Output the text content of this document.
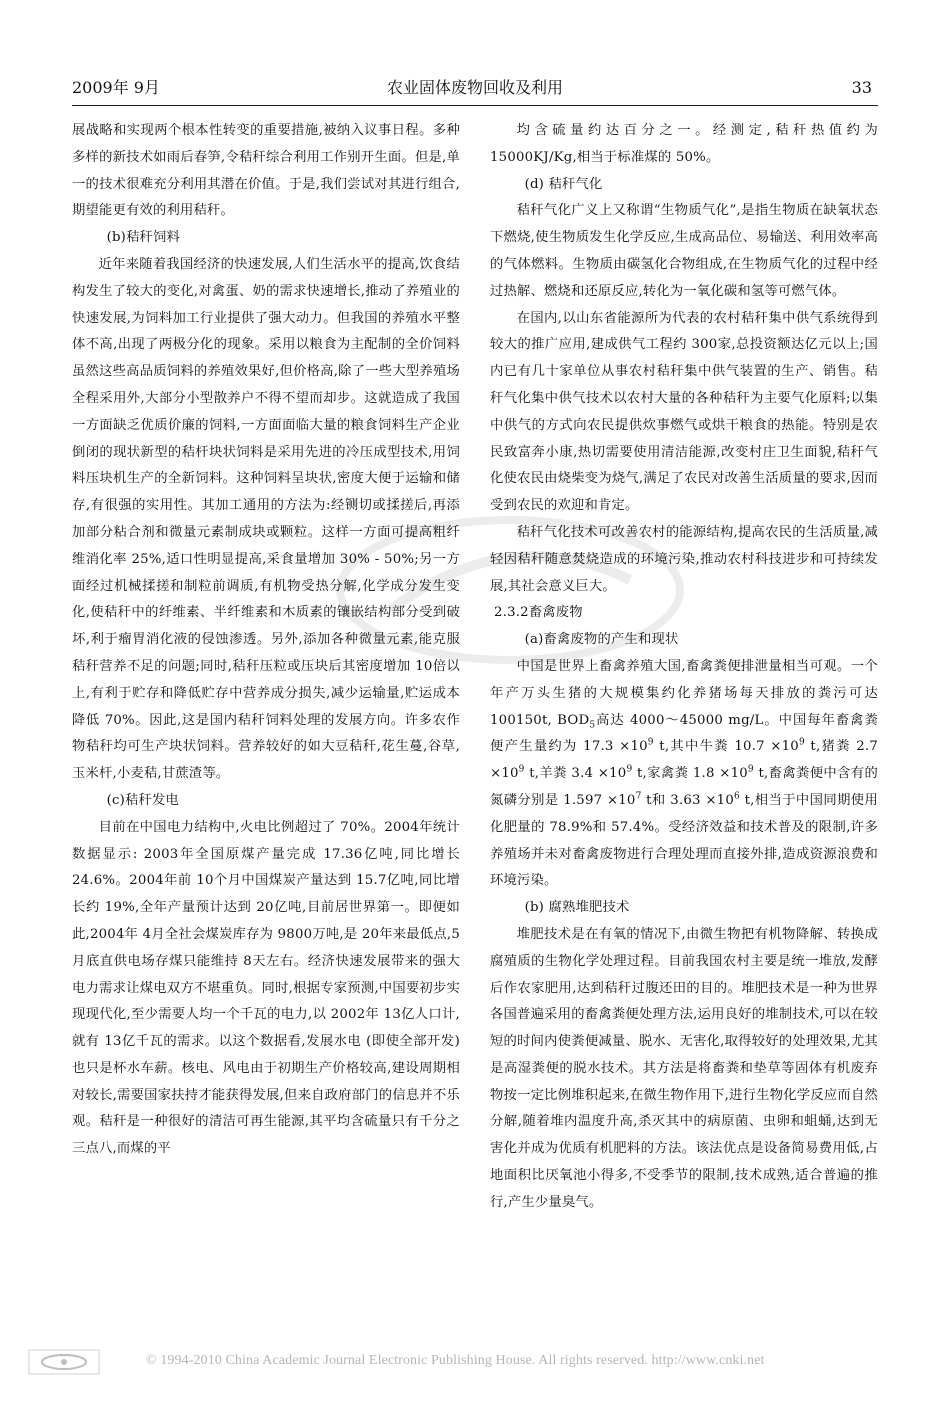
2009年 9月	农业固体废物回收及利用	33

展战略和实现两个根本性转变的重要措施,被纳入议事日程。多种多样的新技术如雨后春笋,令秸秆综合利用工作别开生面。但是,单一的技术很难充分利用其潜在价值。于是,我们尝试对其进行组合,期望能更有效的利用秸秆。

(b)秸秆饲料

近年来随着我国经济的快速发展,人们生活水平的提高,饮食结构发生了较大的变化,对禽蛋、奶的需求快速增长,推动了养殖业的快速发展,为饲料加工行业提供了强大动力。但我国的养殖水平整体不高,出现了两极分化的现象。采用以粮食为主配制的全价饲料　虽然这些高品质饲料的养殖效果好,但价格高,除了一些大型养殖场全程采用外,大部分小型散养户不得不望而却步。这就造成了我国一方面缺乏优质价廉的饲料,一方面面临大量的粮食饲料生产企业倒闭的现状新型的秸杆块状饲料是采用先进的冷压成型技术,用饲料压块机生产的全新饲料。这种饲料呈块状,密度大便于运输和储存,有很强的实用性。其加工通用的方法为:经铡切或揉搓后,再添加部分粘合剂和微量元素制成块或颗粒。这样一方面可提高粗纤维消化率 25%,适口性明显提高,采食量增加 30% - 50%;另一方面经过机械揉搓和制粒前调质,有机物受热分解,化学成分发生变化,使秸秆中的纤维素、半纤维素和木质素的镶嵌结构部分受到破坏,利于瘤胃消化液的侵蚀渗透。另外,添加各种微量元素,能克服秸秆营养不足的问题;同时,秸秆压粒或压块后其密度增加 10倍以上,有利于贮存和降低贮存中营养成分损失,减少运输量,贮运成本降低 70%。因此,这是国内秸秆饲料处理的发展方向。许多农作物秸秆均可生产块状饲料。营养较好的如大豆秸秆,花生蔓,谷草,玉米杆,小麦秸,甘蔗渣等。

(c)秸秆发电

目前在中国电力结构中,火电比例超过了 70%。2004年统计数据显示: 2003年全国原煤产量完成 17.36亿吨,同比增长 24.6%。2004年前 10个月中国煤炭产量达到 15.7亿吨,同比增长约 19%,全年产量预计达到 20亿吨,目前居世界第一。即便如此,2004年 4月全社会煤炭库存为 9800万吨,是 20年来最低点,5月底直供电场存煤只能维持 8天左右。经济快速发展带来的强大电力需求让煤电双方不堪重负。同时,根据专家预测,中国要初步实现现代化,至少需要人均一个千瓦的电力,以 2002年 13亿人口计,就有 13亿千瓦的需求。以这个数据看,发展水电 (即使全部开发)也只是杯水车薪。核电、风电由于初期生产价格较高,建设周期相对较长,需要国家扶持才能获得发展,但来自政府部门的信息并不乐观。秸秆是一种很好的清洁可再生能源,其平均含硫量只有千分之三点八,而煤的平

均含硫量约达百分之一。经测定,秸秆热值约为 15000KJ/Kg,相当于标准煤的 50%。

(d) 秸秆气化

秸秆气化广义上又称谓“生物质气化”,是指生物质在缺氧状态下燃烧,使生物质发生化学反应,生成高品位、易输送、利用效率高的气体燃料。生物质由碳氢化合物组成,在生物质气化的过程中经过热解、燃烧和还原反应,转化为一氧化碳和氢等可燃气体。

在国内,以山东省能源所为代表的农村秸秆集中供气系统得到较大的推广应用,建成供气工程约 300家,总投资额达亿元以上;国内已有几十家单位从事农村秸秆集中供气装置的生产、销售。秸秆气化集中供气技术以农村大量的各种秸秆为主要气化原料;以集中供气的方式向农民提供炊事燃气或烘干粮食的热能。特别是农民致富奔小康,热切需要使用清洁能源,改变村庄卫生面貌,秸秆气化使农民由烧柴变为烧气,满足了农民对改善生活质量的要求,因而受到农民的欢迎和肯定。

秸秆气化技术可改善农村的能源结构,提高农民的生活质量,减轻因秸秆随意焚烧造成的环境污染,推动农村科技进步和可持续发展,其社会意义巨大。

2.3.2畜禽废物

(a)畜禽废物的产生和现状

中国是世界上畜禽养殖大国,畜禽粪便排泄量相当可观。一个年产万头生猪的大规模集约化养猪场每天排放的粪污可达 100150t, $BOD_5$高达 4000～45000 mg/L。中国每年畜禽粪便产生量约为 $17.3 \times 10^9$ t,其中牛粪 $10.7 \times 10^9$ t,猪粪 $2.7 \times 10^9$ t,羊粪 $3.4 \times 10^9$ t,家禽粪 $1.8 \times 10^9$ t,畜禽粪便中含有的氮磷分别是 $1.597 \times 10^7$ t和 $3.63 \times 10^6$ t,相当于中国同期使用化肥量的 78.9%和 57.4%。受经济效益和技术普及的限制,许多养殖场并未对畜禽废物进行合理处理而直接外排,造成资源浪费和环境污染。

(b) 腐熟堆肥技术

堆肥技术是在有氧的情况下,由微生物把有机物降解、转换成腐殖质的生物化学处理过程。目前我国农村主要是统一堆放,发酵后作农家肥用,达到秸秆过腹还田的目的。堆肥技术是一种为世界各国普遍采用的畜禽粪便处理方法,运用良好的堆制技术,可以在较短的时间内使粪便减量、脱水、无害化,取得较好的处理效果,尤其是高湿粪便的脱水技术。其方法是将畜粪和垫草等固体有机废弃物按一定比例堆积起来,在微生物作用下,进行生物化学反应而自然分解,随着堆内温度升高,杀灭其中的病原菌、虫卵和蛆蛹,达到无害化并成为优质有机肥料的方法。该法优点是设备简易费用低,占地面积比厌氧池小得多,不受季节的限制,技术成熟,适合普遍的推行,产生少量臭气。

© 1994-2010 China Academic Journal Electronic Publishing House. All rights reserved. http://www.cnki.net
